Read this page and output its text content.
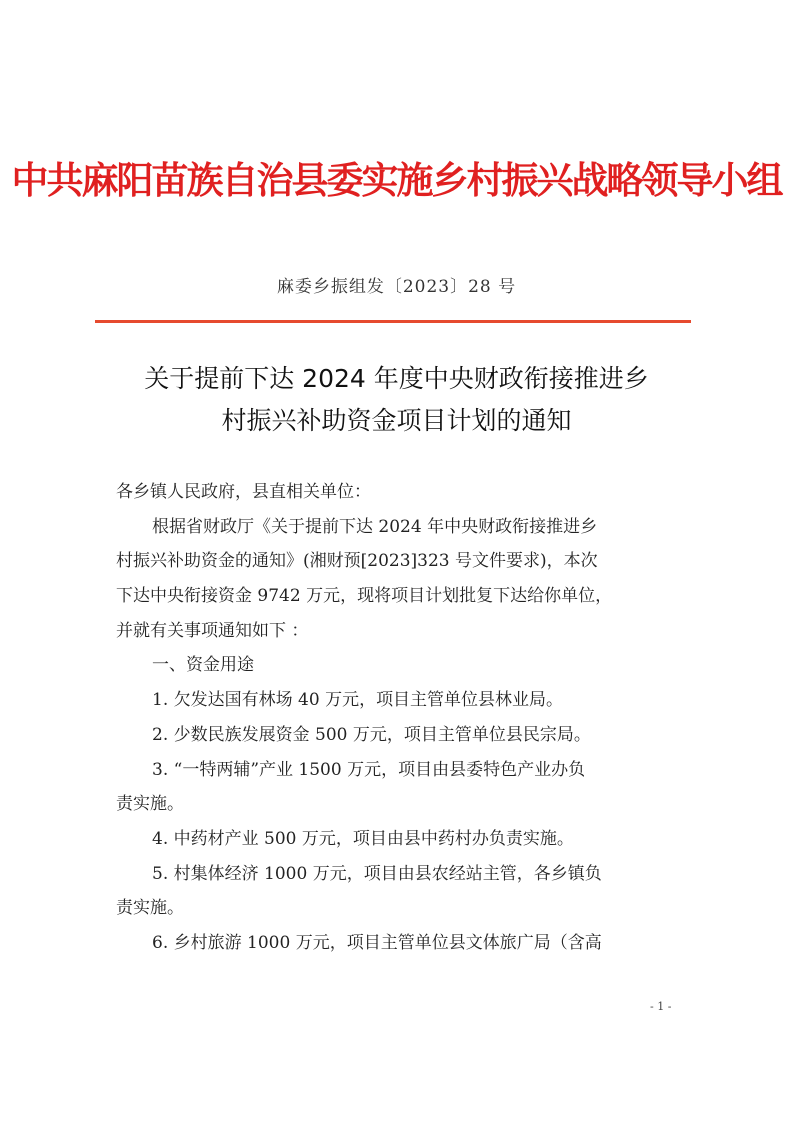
中共麻阳苗族自治县委实施乡村振兴战略领导小组
麻委乡振组发〔2023〕28 号
关于提前下达 2024 年度中央财政衔接推进乡
村振兴补助资金项目计划的通知
各乡镇人民政府，县直相关单位：
根据省财政厅《关于提前下达 2024 年中央财政衔接推进乡
村振兴补助资金的通知》(湘财预[2023]323 号文件要求)，本次
下达中央衔接资金 9742 万元，现将项目计划批复下达给你单位，
并就有关事项通知如下 ：
一、资金用途
1. 欠发达国有林场 40 万元，项目主管单位县林业局。
2. 少数民族发展资金 500 万元，项目主管单位县民宗局。
3. “一特两辅”产业 1500 万元，项目由县委特色产业办负
责实施。
4. 中药材产业 500 万元，项目由县中药村办负责实施。
5. 村集体经济 1000 万元，项目由县农经站主管，各乡镇负
责实施。
6. 乡村旅游 1000 万元，项目主管单位县文体旅广局（含高
- 1 -
